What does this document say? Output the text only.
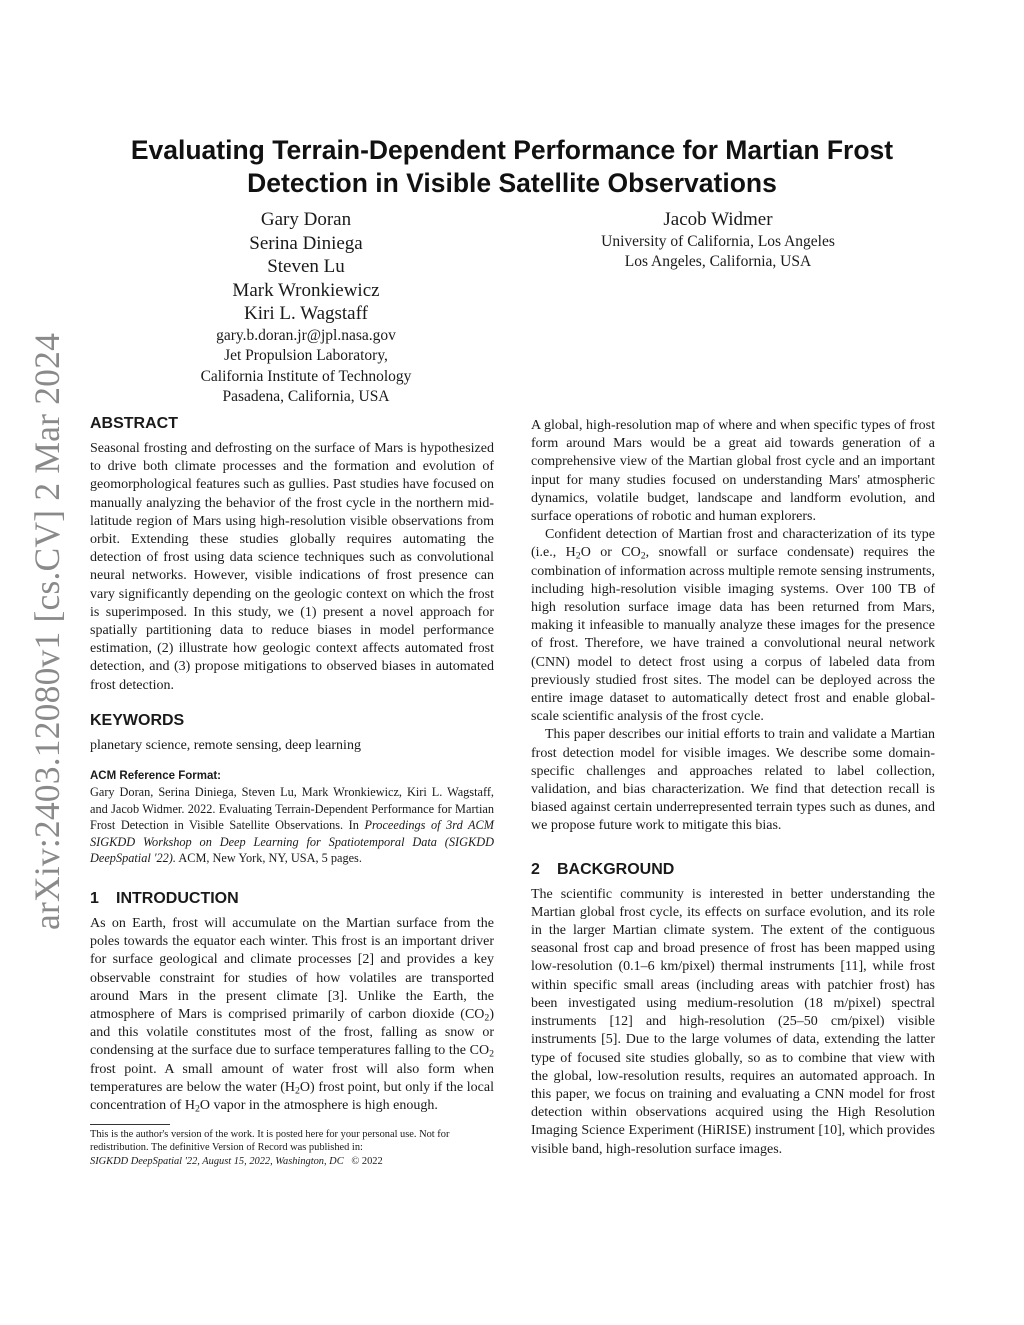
arXiv:2403.12080v1 [cs.CV] 2 Mar 2024
Evaluating Terrain-Dependent Performance for Martian Frost
Detection in Visible Satellite Observations
Gary Doran
Serina Diniega
Steven Lu
Mark Wronkiewicz
Kiri L. Wagstaff
gary.b.doran.jr@jpl.nasa.gov
Jet Propulsion Laboratory,
California Institute of Technology
Pasadena, California, USA
Jacob Widmer
University of California, Los Angeles
Los Angeles, California, USA
ABSTRACT

Seasonal frosting and defrosting on the surface of Mars is hypothesized to drive both climate processes and the formation and evolution of geomorphological features such as gullies. Past studies have focused on manually analyzing the behavior of the frost cycle in the northern mid-latitude region of Mars using high-resolution visible observations from orbit. Extending these studies globally requires automating the detection of frost using data science techniques such as convolutional neural networks. However, visible indications of frost presence can vary significantly depending on the geologic context on which the frost is superimposed. In this study, we (1) present a novel approach for spatially partitioning data to reduce biases in model performance estimation, (2) illustrate how geologic context affects automated frost detection, and (3) propose mitigations to observed biases in automated frost detection.

KEYWORDS

planetary science, remote sensing, deep learning

ACM Reference Format:
Gary Doran, Serina Diniega, Steven Lu, Mark Wronkiewicz, Kiri L. Wagstaff, and Jacob Widmer. 2022. Evaluating Terrain-Dependent Performance for Martian Frost Detection in Visible Satellite Observations. In Proceedings of 3rd ACM SIGKDD Workshop on Deep Learning for Spatiotemporal Data (SIGKDD DeepSpatial '22). ACM, New York, NY, USA, 5 pages.
1 INTRODUCTION

As on Earth, frost will accumulate on the Martian surface from the poles towards the equator each winter. This frost is an important driver for surface geological and climate processes [2] and provides a key observable constraint for studies of how volatiles are transported around Mars in the present climate [3]. Unlike the Earth, the atmosphere of Mars is comprised primarily of carbon dioxide $(CO_2)$ and this volatile constitutes most of the frost, falling as snow or condensing at the surface due to surface temperatures falling to the $CO_2$ frost point. A small amount of water frost will also form when temperatures are below the water $(H_2O)$ frost point, but only if the local concentration of $H_2O$ vapor in the atmosphere is high enough.

This is the author's version of the work. It is posted here for your personal use. Not for redistribution. The definitive Version of Record was published in:
SIGKDD DeepSpatial '22, August 15, 2022, Washington, DC © 2022

A global, high-resolution map of where and when specific types of frost form around Mars would be a great aid towards generation of a comprehensive view of the Martian global frost cycle and an important input for many studies focused on understanding Mars' atmospheric dynamics, volatile budget, landscape and landform evolution, and surface operations of robotic and human explorers.

Confident detection of Martian frost and characterization of its type (i.e., $H_2O$ or $CO_2$, snowfall or surface condensate) requires the combination of information across multiple remote sensing instruments, including high-resolution visible imaging systems. Over 100 TB of high resolution surface image data has been returned from Mars, making it infeasible to manually analyze these images for the presence of frost. Therefore, we have trained a convolutional neural network (CNN) model to detect frost using a corpus of labeled data from previously studied frost sites. The model can be deployed across the entire image dataset to automatically detect frost and enable global-scale scientific analysis of the frost cycle.

This paper describes our initial efforts to train and validate a Martian frost detection model for visible images. We describe some domain-specific challenges and approaches related to label collection, validation, and bias characterization. We find that detection recall is biased against certain underrepresented terrain types such as dunes, and we propose future work to mitigate this bias.

2 BACKGROUND

The scientific community is interested in better understanding the Martian global frost cycle, its effects on surface evolution, and its role in the larger Martian climate system. The extent of the contiguous seasonal frost cap and broad presence of frost has been mapped using low-resolution (0.1–6 km/pixel) thermal instruments [11], while frost within specific small areas (including areas with patchier frost) has been investigated using medium-resolution (18 m/pixel) spectral instruments [12] and high-resolution (25–50 cm/pixel) visible instruments [5]. Due to the large volumes of data, extending the latter type of focused site studies globally, so as to combine that view with the global, low-resolution results, requires an automated approach. In this paper, we focus on training and evaluating a CNN model for frost detection within observations acquired using the High Resolution Imaging Science Experiment (HiRISE) instrument [10], which provides visible band, high-resolution surface images.
